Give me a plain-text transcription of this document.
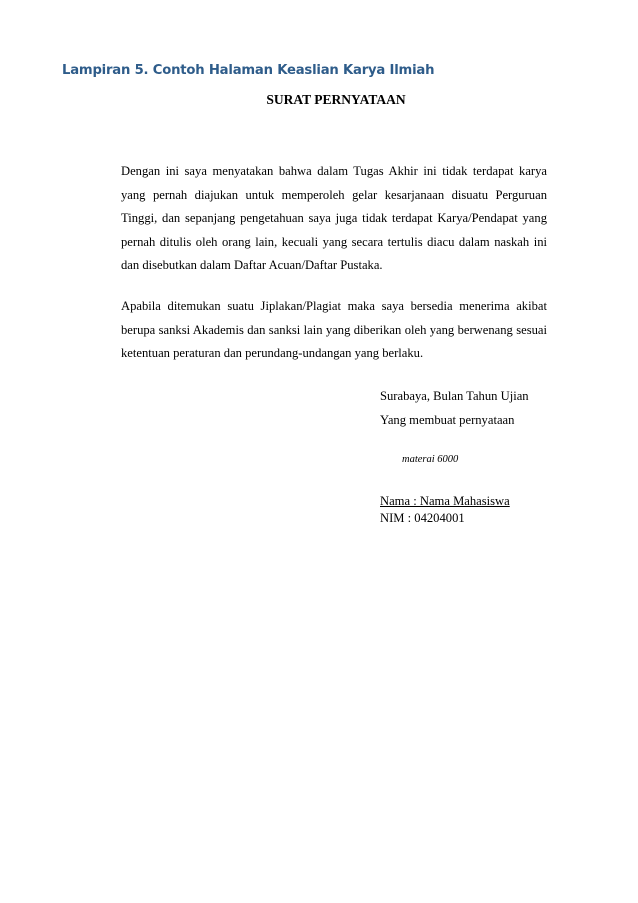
Lampiran 5. Contoh Halaman Keaslian Karya Ilmiah
SURAT PERNYATAAN

Dengan ini saya menyatakan bahwa dalam Tugas Akhir ini tidak terdapat karya yang pernah diajukan untuk memperoleh gelar kesarjanaan disuatu Perguruan Tinggi, dan sepanjang pengetahuan saya juga tidak terdapat Karya/Pendapat yang pernah ditulis oleh orang lain, kecuali yang secara tertulis diacu dalam naskah ini dan disebutkan dalam Daftar Acuan/Daftar Pustaka.

Apabila ditemukan suatu Jiplakan/Plagiat maka saya bersedia menerima akibat berupa sanksi Akademis dan sanksi lain yang diberikan oleh yang berwenang sesuai ketentuan peraturan dan perundang-undangan yang berlaku.

Surabaya, Bulan Tahun Ujian
Yang membuat pernyataan
materai 6000
Nama : Nama Mahasiswa
NIM : 04204001
